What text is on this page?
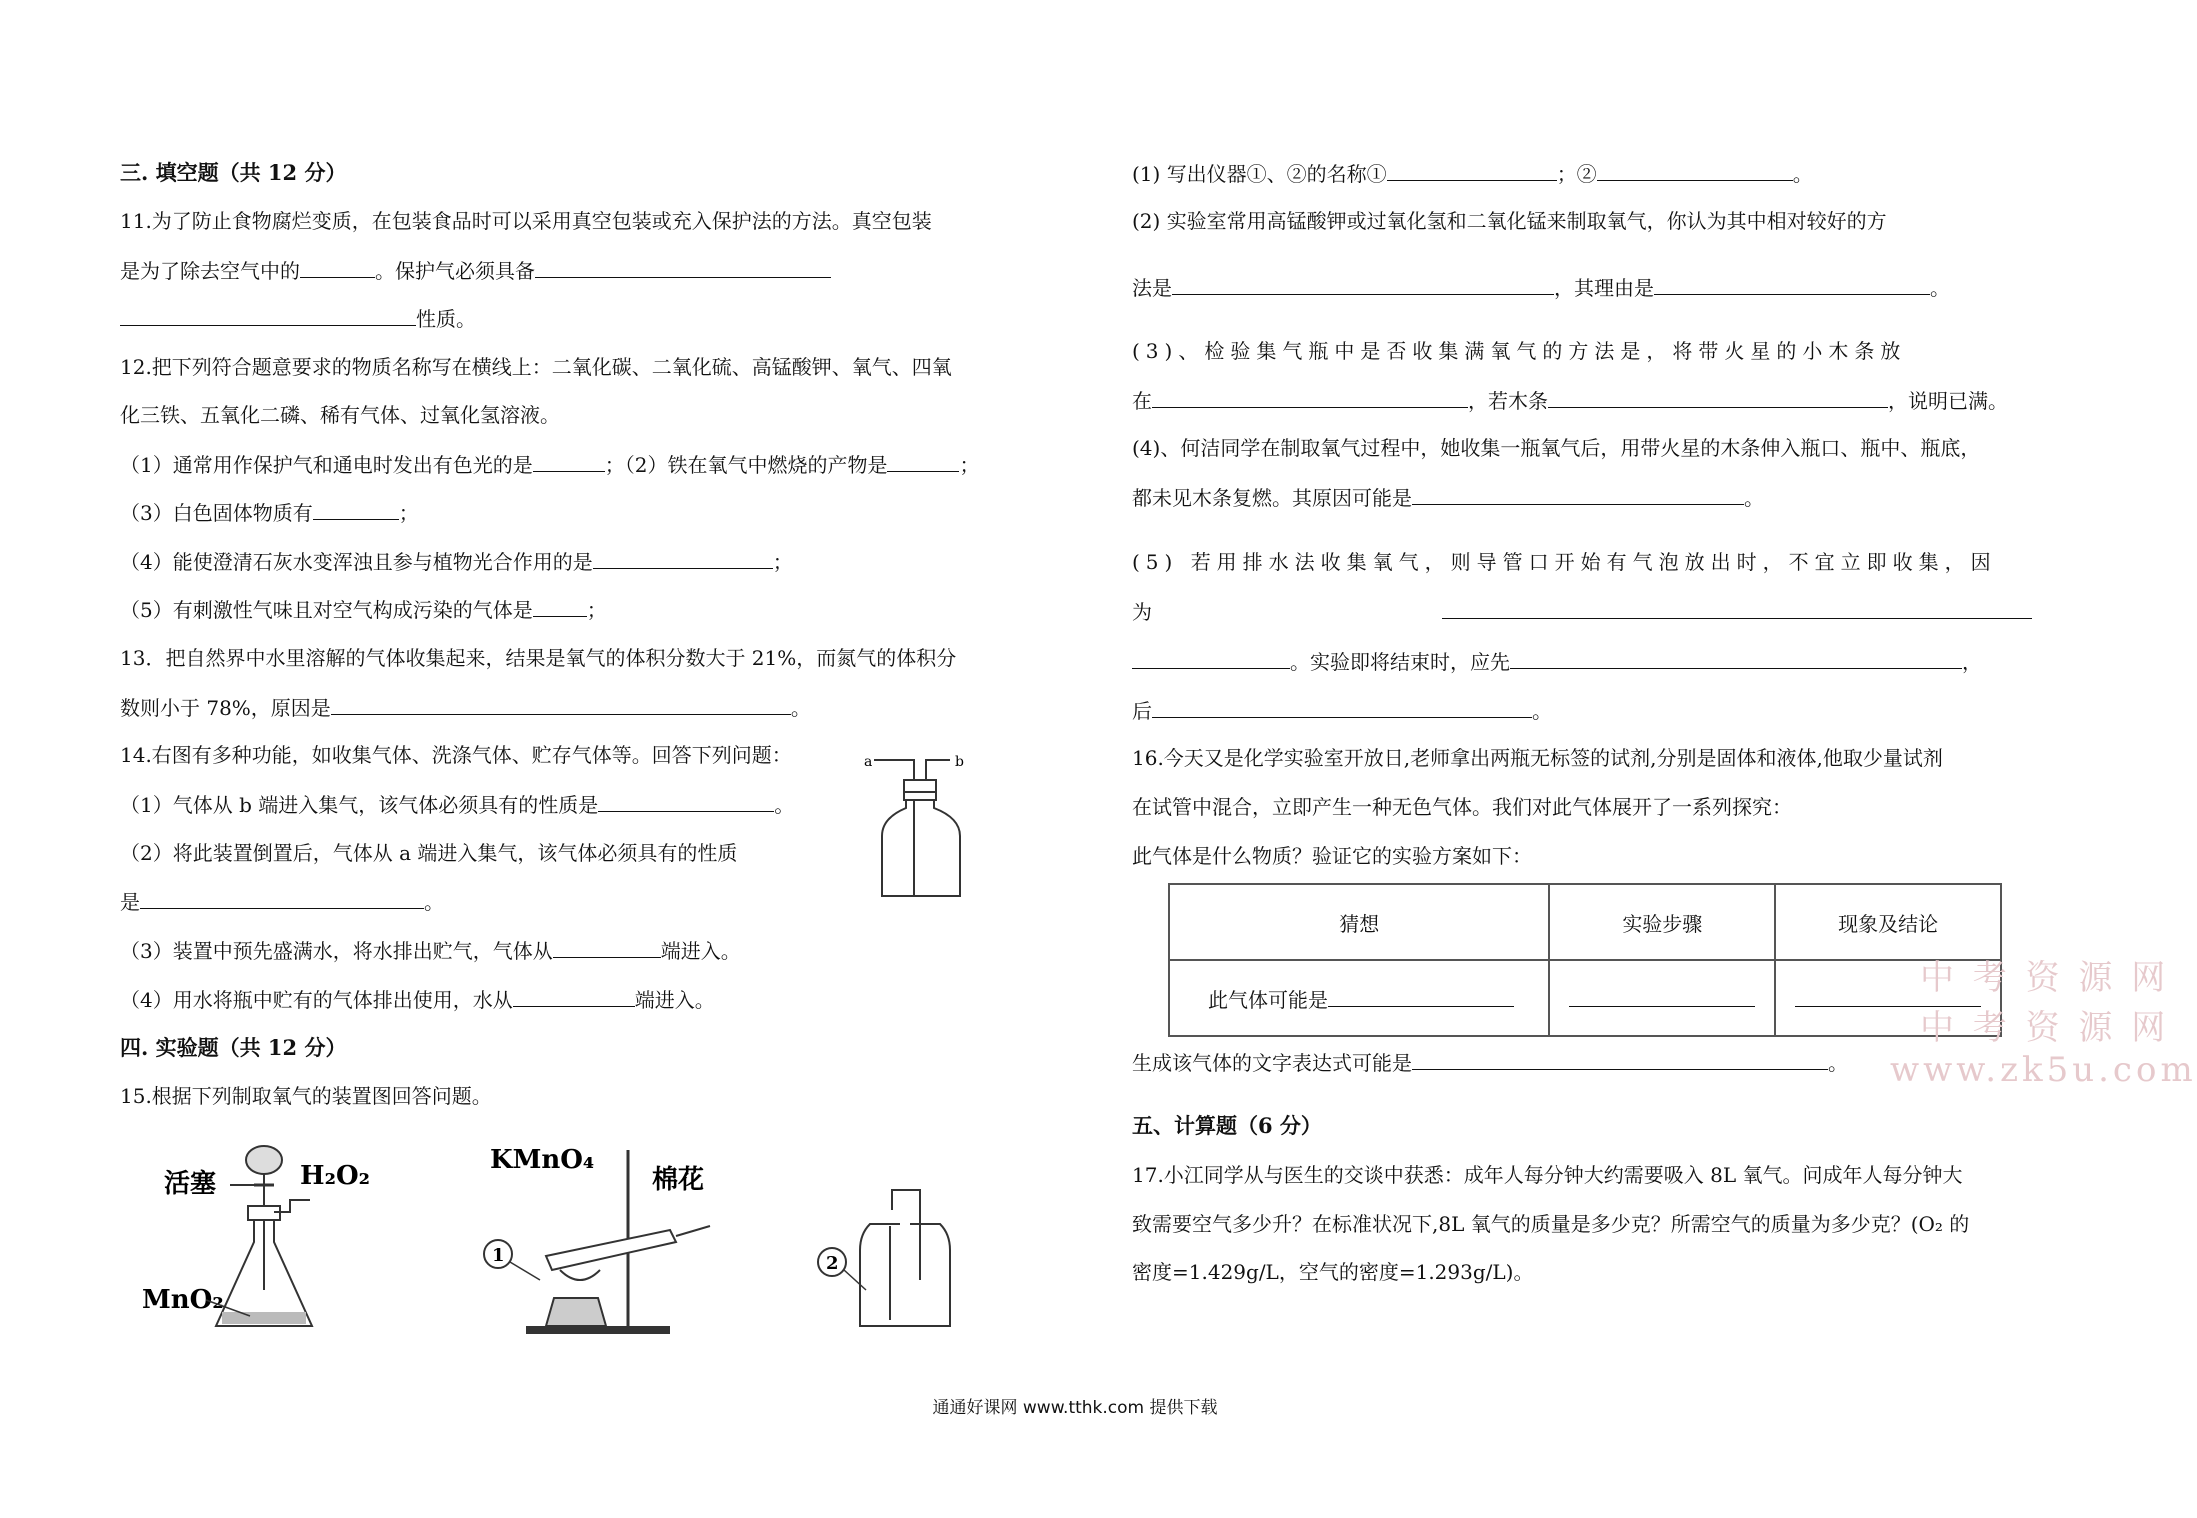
三. 填空题（共 12 分）
11.为了防止食物腐烂变质，在包装食品时可以采用真空包装或充入保护法的方法。真空包装
是为了除去空气中的	。保护气必须具备
性质。
12.把下列符合题意要求的物质名称写在横线上：二氧化碳、二氧化硫、高锰酸钾、氧气、四氧
化三铁、五氧化二磷、稀有气体、过氧化氢溶液。
（1）通常用作保护气和通电时发出有色光的是	；（2）铁在氧气中燃烧的产物是	；
（3）白色固体物质有	；
（4）能使澄清石灰水变浑浊且参与植物光合作用的是	；
（5）有刺激性气味且对空气构成污染的气体是	；
13．把自然界中水里溶解的气体收集起来，结果是氧气的体积分数大于 21%，而氮气的体积分
数则小于 78%，原因是	。
14.右图有多种功能，如收集气体、洗涤气体、贮存气体等。回答下列问题：
（1）气体从 b 端进入集气，该气体必须具有的性质是	。
（2）将此装置倒置后，气体从 a 端进入集气，该气体必须具有的性质
是	。
（3）装置中预先盛满水，将水排出贮气，气体从	端进入。
（4）用水将瓶中贮有的气体排出使用，水从	端进入。
四. 实验题（共 12 分）
15.根据下列制取氧气的装置图回答问题。
a	b
活塞	H₂O₂
MnO₂
KMnO₄
棉花
1	2
(1) 写出仪器①、②的名称①	；②	。
(2) 实验室常用高锰酸钾或过氧化氢和二氧化锰来制取氧气，你认为其中相对较好的方
法是	，其理由是	。
(3)、检验集气瓶中是否收集满氧气的方法是，将带火星的小木条放
在	，若木条	，说明已满。
(4)、何洁同学在制取氧气过程中，她收集一瓶氧气后，用带火星的木条伸入瓶口、瓶中、瓶底，
都未见木条复燃。其原因可能是	。
(5) 若用排水法收集氧气，则导管口开始有气泡放出时，不宜立即收集，因
为
。实验即将结束时，应先	，
后	。
16.今天又是化学实验室开放日,老师拿出两瓶无标签的试剂,分别是固体和液体,他取少量试剂
在试管中混合，立即产生一种无色气体。我们对此气体展开了一系列探究：
此气体是什么物质？验证它的实验方案如下：
猜想	实验步骤	现象及结论
此气体可能是		
生成该气体的文字表达式可能是	。
五、计算题（6 分）
17.小江同学从与医生的交谈中获悉：成年人每分钟大约需要吸入 8L 氧气。问成年人每分钟大
致需要空气多少升？在标准状况下,8L 氧气的质量是多少克？所需空气的质量为多少克？(O₂ 的
密度=1.429g/L，空气的密度=1.293g/L)。
中 考 资 源 网
中 考 资 源 网
www.zk5u.com
通通好课网 www.tthk.com 提供下载
